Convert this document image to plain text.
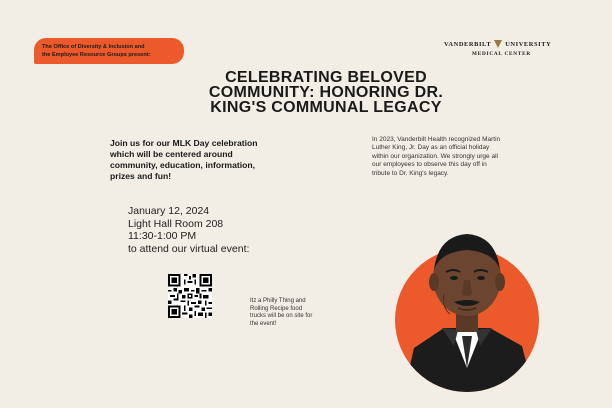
The Office of Diversity & Inclusion and
the Employee Resource Groups present:
VANDERBILT UNIVERSITY
MEDICAL CENTER
CELEBRATING BELOVED
COMMUNITY: HONORING DR.
KING'S COMMUNAL LEGACY
Join us for our MLK Day celebration
which will be centered around
community, education, information,
prizes and fun!
In 2023, Vanderbilt Health recognized Martin
Luther King, Jr. Day as an official holiday
within our organization. We strongly urge all
our employees to observe this day off in
tribute to Dr. King's legacy.
January 12, 2024
Light Hall Room 208
11:30-1:00 PM
to attend our virtual event:
Itz a Philly Thing and
Rolling Recipe food
trucks will be on site for
the event!
